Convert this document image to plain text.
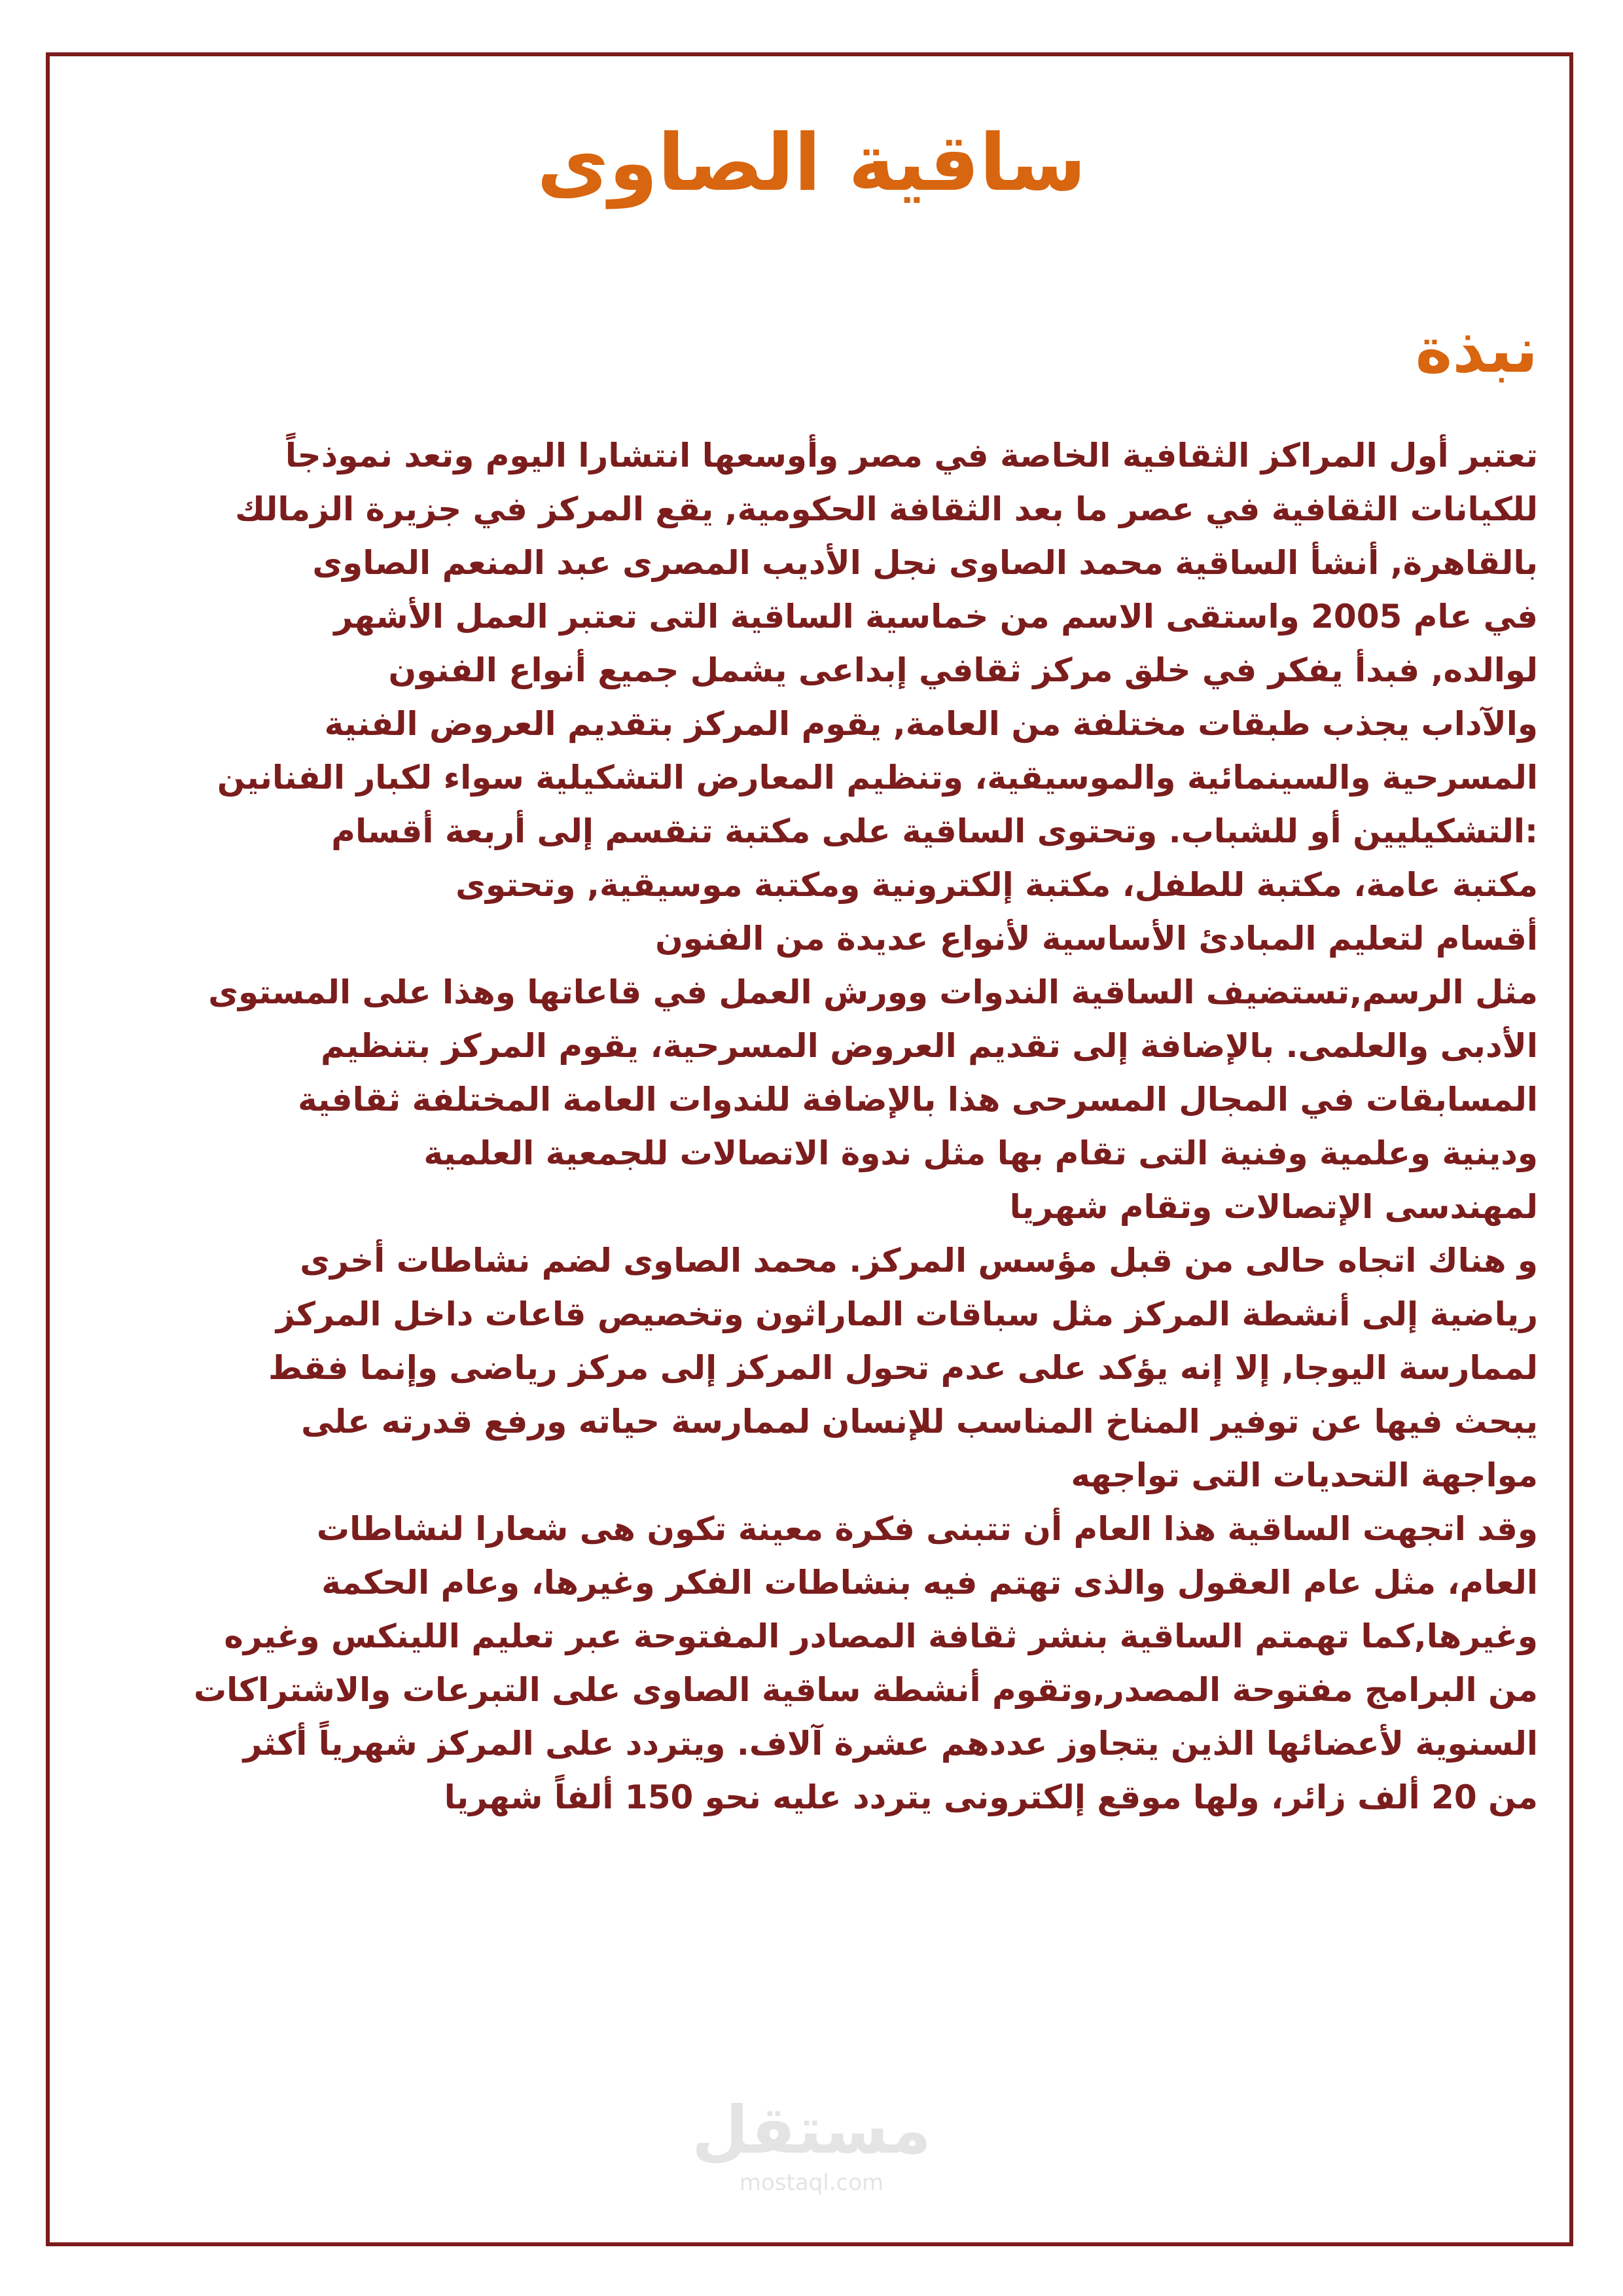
ساقية الصاوى
نبذة
تعتبر أول المراكز الثقافية الخاصة في مصر وأوسعها انتشارا اليوم وتعد نموذجاً
للكيانات الثقافية في عصر ما بعد الثقافة الحكومية, يقع المركز في جزيرة الزمالك
بالقاهرة, أنشأ الساقية محمد الصاوى نجل الأديب المصرى عبد المنعم الصاوى
في عام 2005 واستقى الاسم من خماسية الساقية التى تعتبر العمل الأشهر
لوالده, فبدأ يفكر في خلق مركز ثقافي إبداعى يشمل جميع أنواع الفنون
والآداب يجذب طبقات مختلفة من العامة, يقوم المركز بتقديم العروض الفنية
المسرحية والسينمائية والموسيقية، وتنظيم المعارض التشكيلية سواء لكبار الفنانين
:التشكيليين أو للشباب. وتحتوى الساقية على مكتبة تنقسم إلى أربعة أقسام
مكتبة عامة، مكتبة للطفل، مكتبة إلكترونية ومكتبة موسيقية, وتحتوى
أقسام لتعليم المبادئ الأساسية لأنواع عديدة من الفنون
مثل الرسم,تستضيف الساقية الندوات وورش العمل في قاعاتها وهذا على المستوى
الأدبى والعلمى. بالإضافة إلى تقديم العروض المسرحية، يقوم المركز بتنظيم
المسابقات في المجال المسرحى هذا بالإضافة للندوات العامة المختلفة ثقافية
ودينية وعلمية وفنية التى تقام بها مثل ندوة الاتصالات للجمعية العلمية
لمهندسى الإتصالات وتقام شهريا
و هناك اتجاه حالى من قبل مؤسس المركز. محمد الصاوى لضم نشاطات أخرى
رياضية إلى أنشطة المركز مثل سباقات الماراثون وتخصيص قاعات داخل المركز
لممارسة اليوجا, إلا إنه يؤكد على عدم تحول المركز إلى مركز رياضى وإنما فقط
يبحث فيها عن توفير المناخ المناسب للإنسان لممارسة حياته ورفع قدرته على
مواجهة التحديات التى تواجهه
وقد اتجهت الساقية هذا العام أن تتبنى فكرة معينة تكون هى شعارا لنشاطات
العام، مثل عام العقول والذى تهتم فيه بنشاطات الفكر وغيرها، وعام الحكمة
وغيرها,كما تهمتم الساقية بنشر ثقافة المصادر المفتوحة عبر تعليم اللينكس وغيره
من البرامج مفتوحة المصدر,وتقوم أنشطة ساقية الصاوى على التبرعات والاشتراكات
السنوية لأعضائها الذين يتجاوز عددهم عشرة آلاف. ويتردد على المركز شهرياً أكثر
من 20 ألف زائر، ولها موقع إلكترونى يتردد عليه نحو 150 ألفاً شهريا
مستقل
mostaql.com
